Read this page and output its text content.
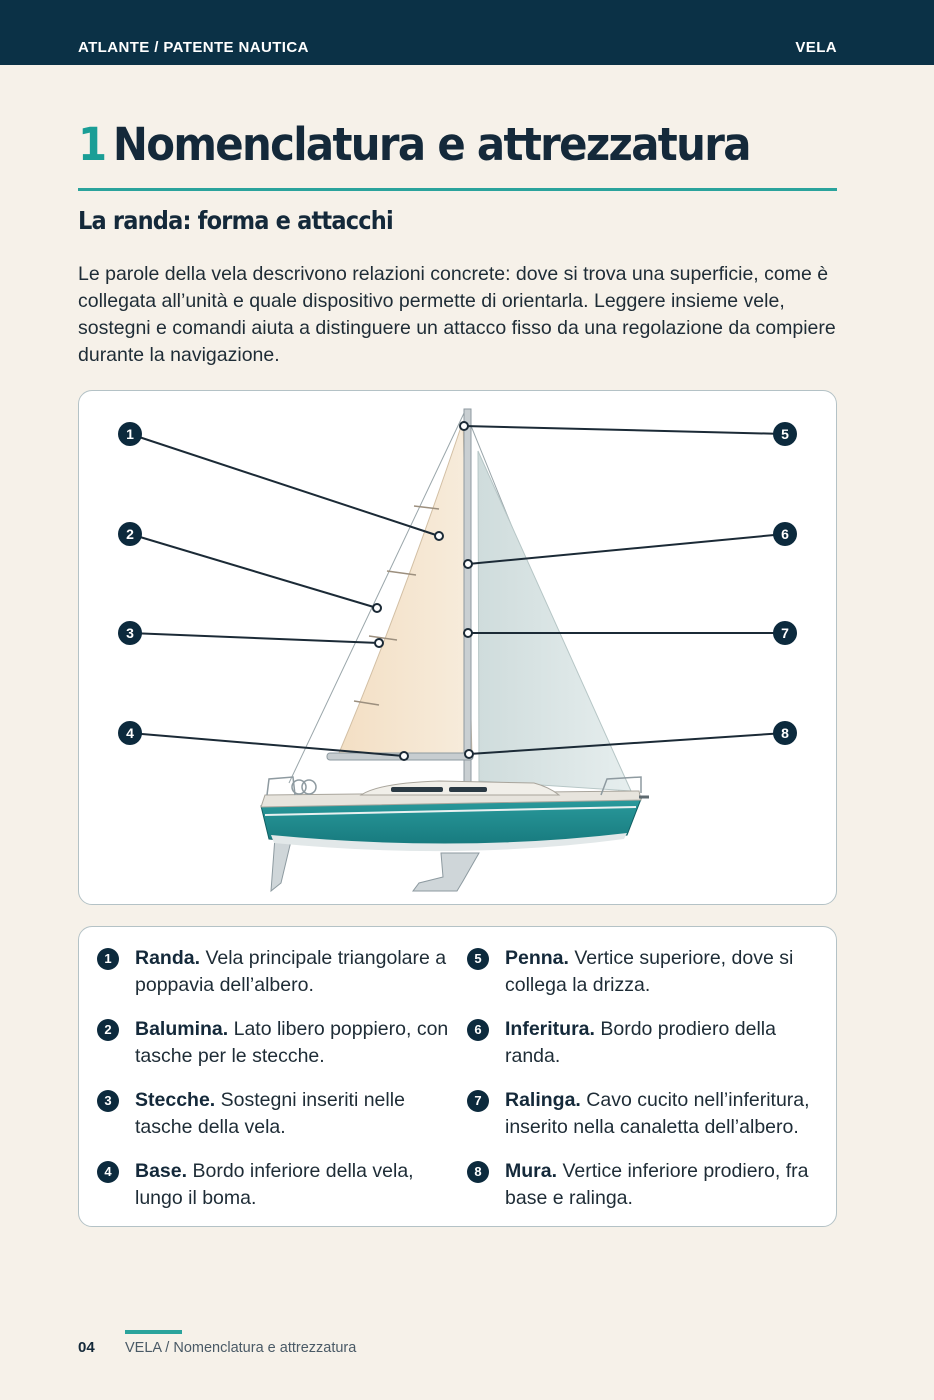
ATLANTE / PATENTE NAUTICA	VELA
1 Nomenclatura e attrezzatura
La randa: forma e attacchi

Le parole della vela descrivono relazioni concrete: dove si trova una superficie, come è collegata all’unità e quale dispositivo permette di orientarla. Leggere insieme vele, sostegni e comandi aiuta a distinguere un attacco fisso da una regolazione da compiere durante la navigazione.

1
2
3
4
5
6
7
8
1	Randa. Vela principale triangolare a poppavia dell’albero.
2	Balumina. Lato libero poppiero, con tasche per le stecche.
3	Stecche. Sostegni inseriti nelle tasche della vela.
4	Base. Bordo inferiore della vela, lungo il boma.
5	Penna. Vertice superiore, dove si collega la drizza.
6	Inferitura. Bordo prodiero della randa.
7	Ralinga. Cavo cucito nell’inferitura, inserito nella canaletta dell’albero.
8	Mura. Vertice inferiore prodiero, fra base e ralinga.
04 VELA / Nomenclatura e attrezzatura
